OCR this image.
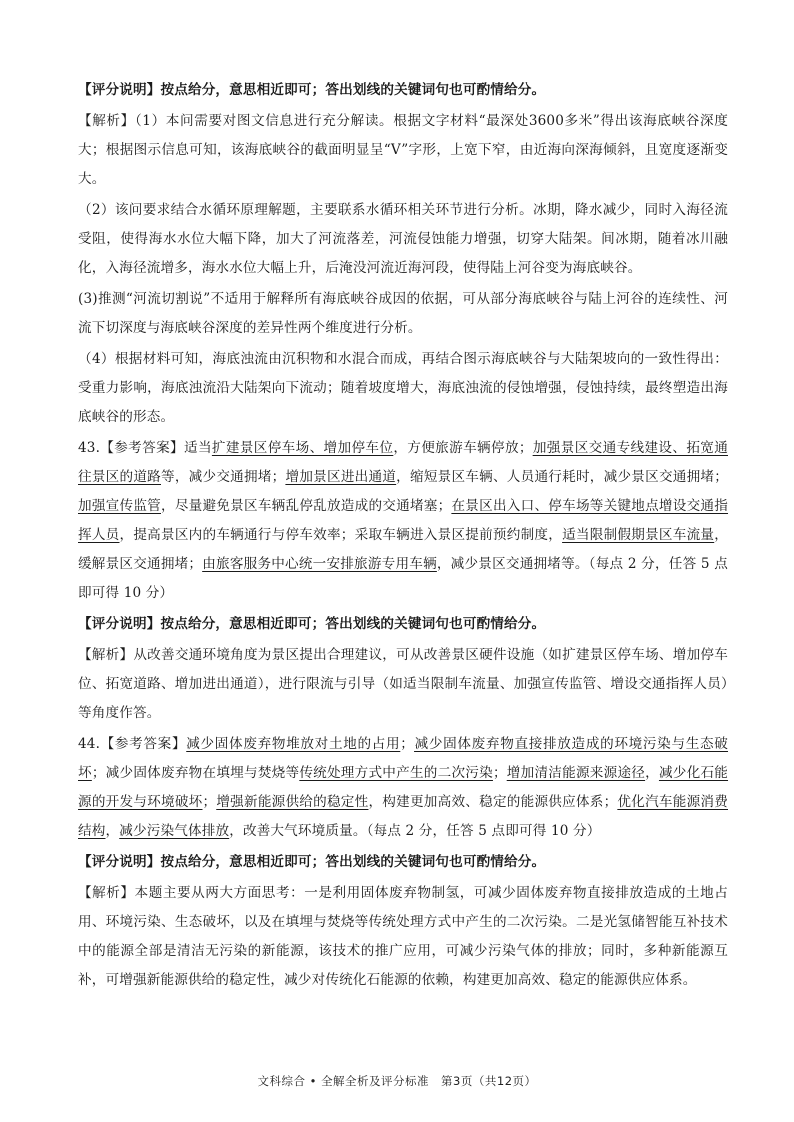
【评分说明】按点给分，意思相近即可；答出划线的关键词句也可酌情给分。

【解析】（1）本问需要对图文信息进行充分解读。根据文字材料“最深处3600多米”得出该海底峡谷深度大；根据图示信息可知，该海底峡谷的截面明显呈“V”字形，上宽下窄，由近海向深海倾斜，且宽度逐渐变大。

（2）该问要求结合水循环原理解题，主要联系水循环相关环节进行分析。冰期，降水减少，同时入海径流受阻，使得海水水位大幅下降，加大了河流落差，河流侵蚀能力增强，切穿大陆架。间冰期，随着冰川融化，入海径流增多，海水水位大幅上升，后淹没河流近海河段，使得陆上河谷变为海底峡谷。

(3)推测“河流切割说”不适用于解释所有海底峡谷成因的依据，可从部分海底峡谷与陆上河谷的连续性、河流下切深度与海底峡谷深度的差异性两个维度进行分析。

（4）根据材料可知，海底浊流由沉积物和水混合而成，再结合图示海底峡谷与大陆架坡向的一致性得出：受重力影响，海底浊流沿大陆架向下流动；随着坡度增大，海底浊流的侵蚀增强，侵蚀持续，最终塑造出海底峡谷的形态。

43.【参考答案】适当扩建景区停车场、增加停车位，方便旅游车辆停放；加强景区交通专线建设、拓宽通往景区的道路等，减少交通拥堵；增加景区进出通道，缩短景区车辆、人员通行耗时，减少景区交通拥堵；加强宣传监管，尽量避免景区车辆乱停乱放造成的交通堵塞；在景区出入口、停车场等关键地点增设交通指挥人员，提高景区内的车辆通行与停车效率；采取车辆进入景区提前预约制度，适当限制假期景区车流量，缓解景区交通拥堵；由旅客服务中心统一安排旅游专用车辆，减少景区交通拥堵等。（每点 2 分，任答 5 点即可得 10 分）

【评分说明】按点给分，意思相近即可；答出划线的关键词句也可酌情给分。

【解析】从改善交通环境角度为景区提出合理建议，可从改善景区硬件设施（如扩建景区停车场、增加停车位、拓宽道路、增加进出通道），进行限流与引导（如适当限制车流量、加强宣传监管、增设交通指挥人员）等角度作答。

44.【参考答案】减少固体废弃物堆放对土地的占用；减少固体废弃物直接排放造成的环境污染与生态破坏；减少固体废弃物在填埋与焚烧等传统处理方式中产生的二次污染；增加清洁能源来源途径，减少化石能源的开发与环境破坏；增强新能源供给的稳定性，构建更加高效、稳定的能源供应体系；优化汽车能源消费结构，减少污染气体排放，改善大气环境质量。（每点 2 分，任答 5 点即可得 10 分）

【评分说明】按点给分，意思相近即可；答出划线的关键词句也可酌情给分。

【解析】本题主要从两大方面思考：一是利用固体废弃物制氢，可减少固体废弃物直接排放造成的土地占用、环境污染、生态破坏，以及在填埋与焚烧等传统处理方式中产生的二次污染。二是光氢储智能互补技术中的能源全部是清洁无污染的新能源，该技术的推广应用，可减少污染气体的排放；同时，多种新能源互补，可增强新能源供给的稳定性，减少对传统化石能源的依赖，构建更加高效、稳定的能源供应体系。

文科综合 • 全解全析及评分标准　第3页（共12页）
